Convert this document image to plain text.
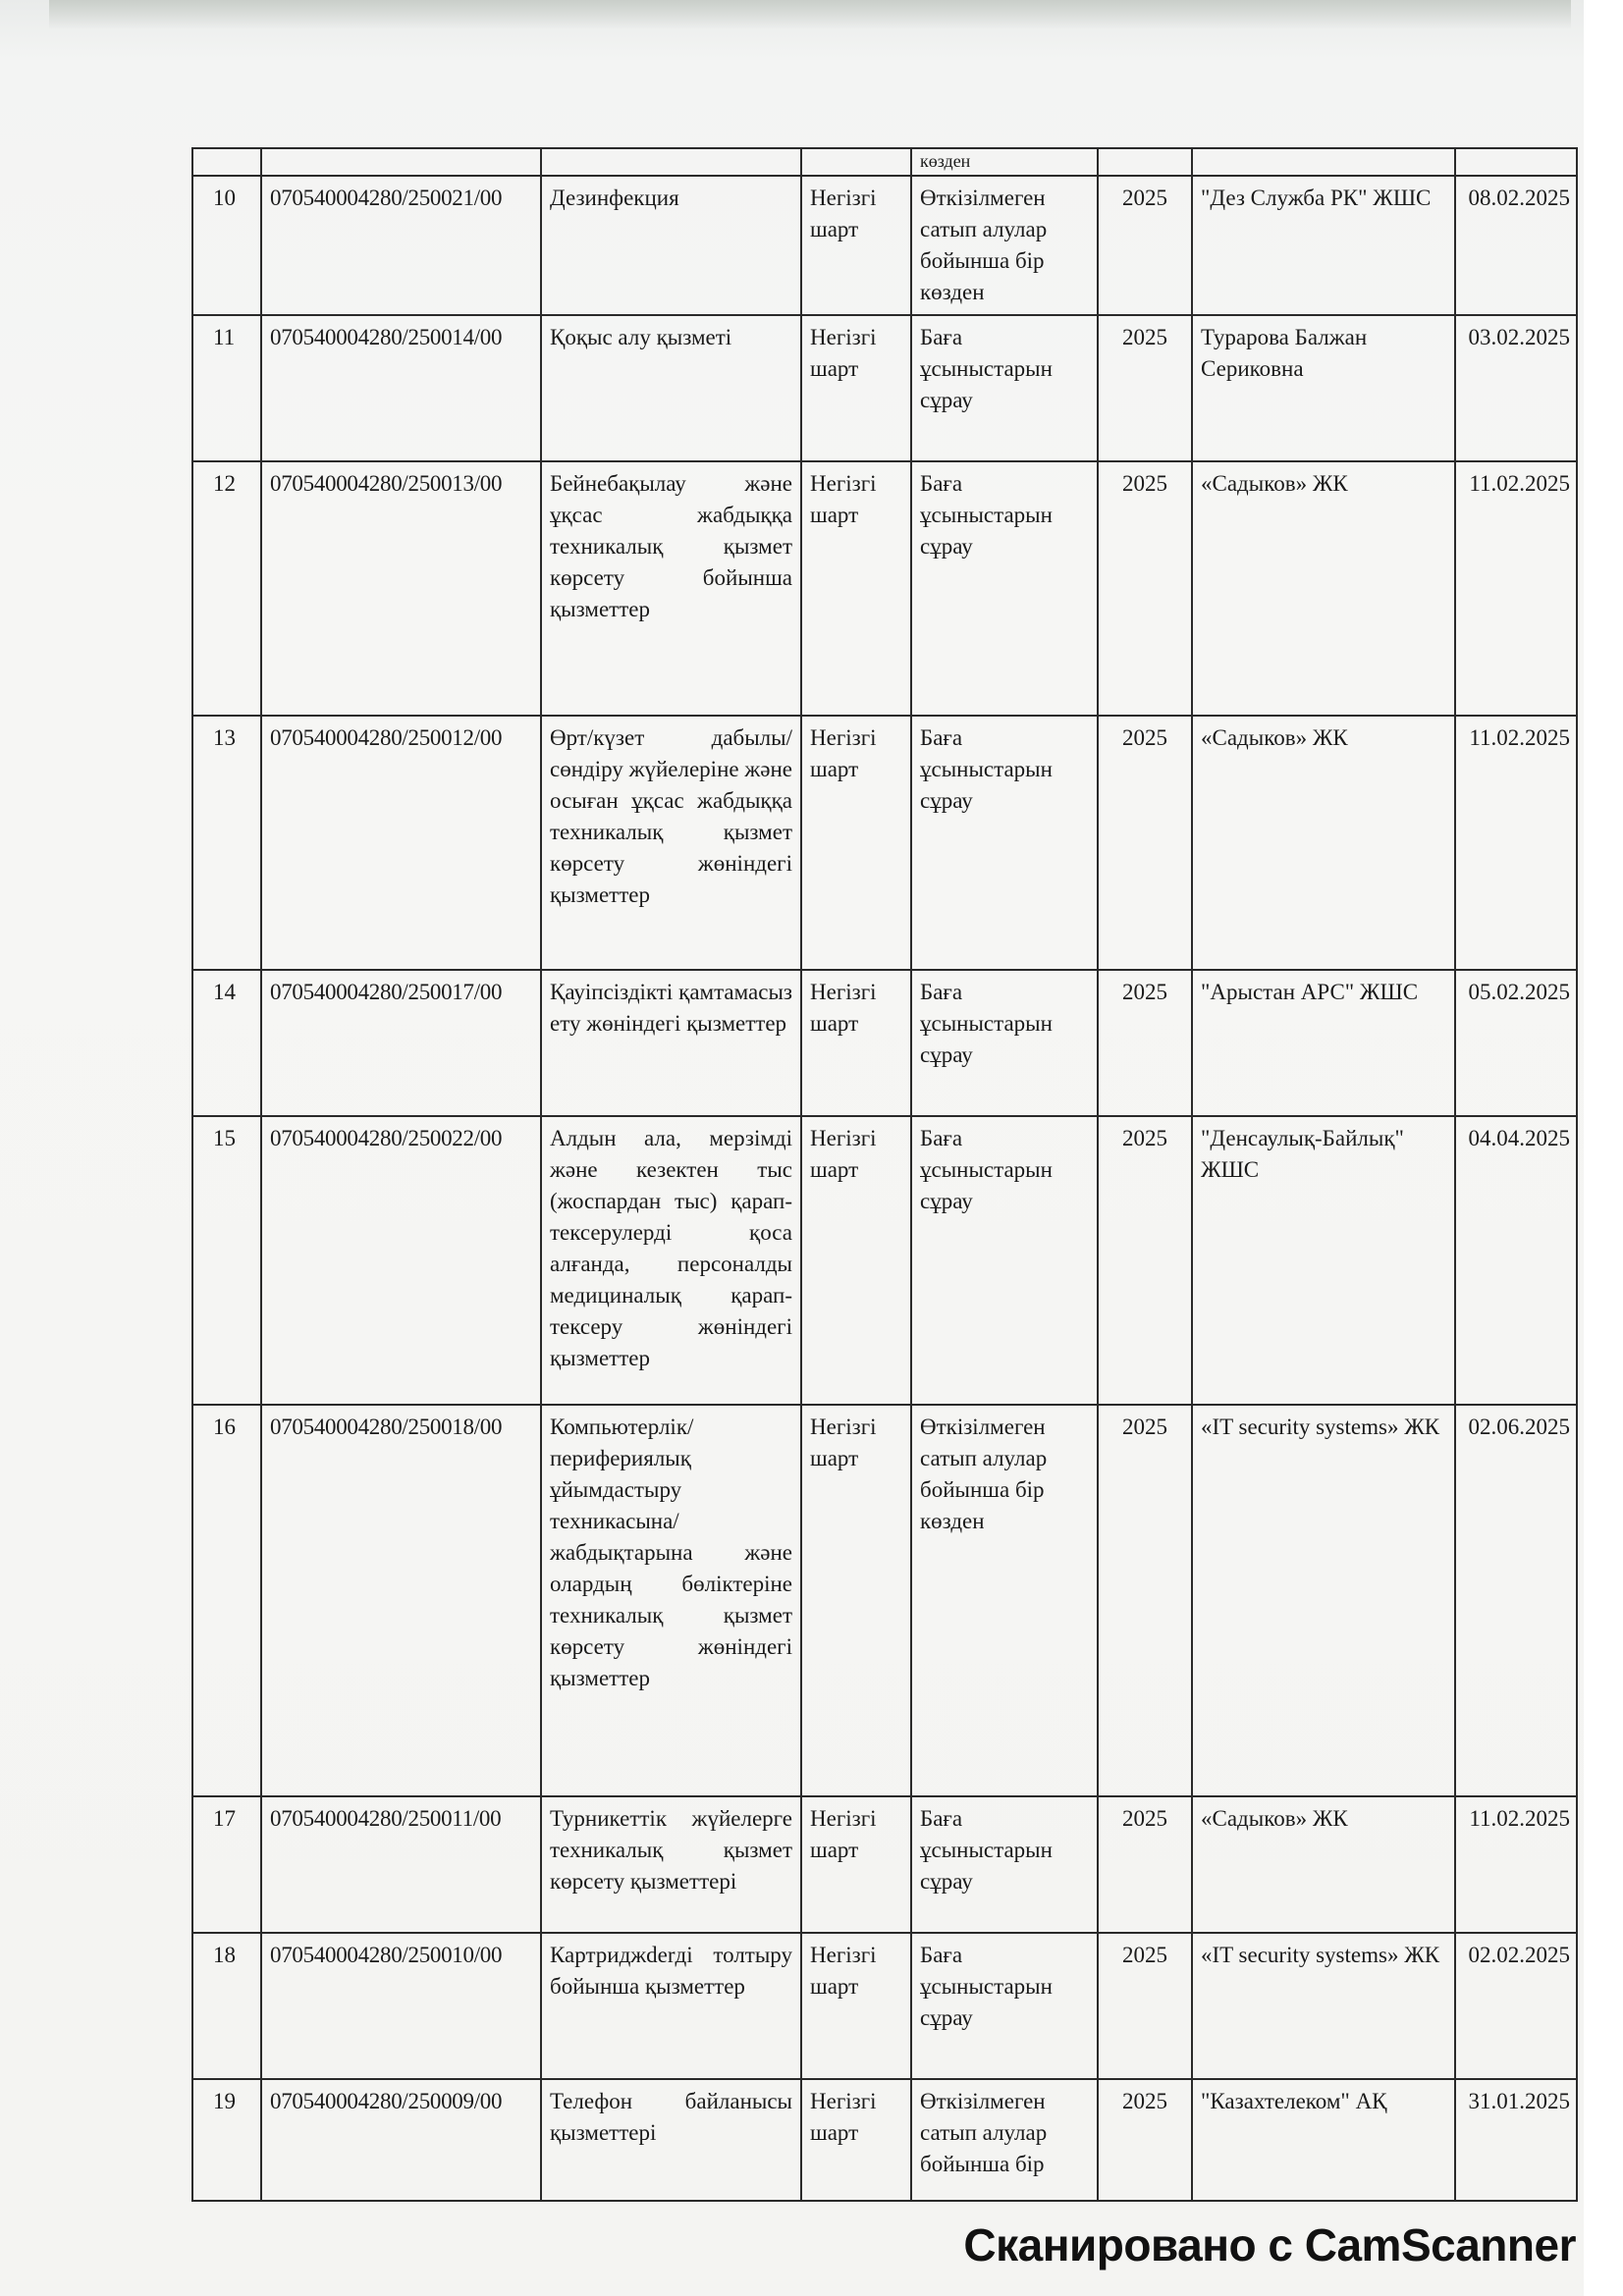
				көзден			
10	070540004280/250021/00	Дезинфекция	Негізгі шарт	Өткізілмеген сатып алулар бойынша бір көзден	2025	"Дез Служба РК" ЖШС	08.02.2025
11	070540004280/250014/00	Қоқыс алу қызметі	Негізгі шарт	Баға ұсыныстарын сұрау	2025	Турарова Балжан Сериковна	03.02.2025
12	070540004280/250013/00	Бейнебақылау және ұқсас жабдыққа техникалық қызмет көрсету бойынша қызметтер	Негізгі шарт	Баға ұсыныстарын сұрау	2025	«Садыков» ЖК	11.02.2025
13	070540004280/250012/00	Өрт/күзет дабылы/сөндіру жүйелеріне және осыған ұқсас жабдыққа техникалық қызмет көрсету жөніндегі қызметтер	Негізгі шарт	Баға ұсыныстарын сұрау	2025	«Садыков» ЖК	11.02.2025
14	070540004280/250017/00	Қауіпсіздікті қамтамасыз ету жөніндегі қызметтер	Негізгі шарт	Баға ұсыныстарын сұрау	2025	"Арыстан АРС" ЖШС	05.02.2025
15	070540004280/250022/00	Алдын ала, мерзімді және кезектен тыс (жоспардан тыс) қарап-тексерулерді қоса алғанда, персоналды медициналық қарап-тексеру жөніндегі қызметтер	Негізгі шарт	Баға ұсыныстарын сұрау	2025	"Денсаулық-Байлық" ЖШС	04.04.2025
16	070540004280/250018/00	Компьютерлік/перифериялық ұйымдастыру техникасына/жабдықтарына және олардың бөліктеріне техникалық қызмет көрсету жөніндегі қызметтер	Негізгі шарт	Өткізілмеген сатып алулар бойынша бір көзден	2025	«IT security systems» ЖК	02.06.2025
17	070540004280/250011/00	Турникеттік жүйелерге техникалық қызмет көрсету қызметтері	Негізгі шарт	Баға ұсыныстарын сұрау	2025	«Садыков» ЖК	11.02.2025
18	070540004280/250010/00	Картриджderді толтыру бойынша қызметтер	Негізгі шарт	Баға ұсыныстарын сұрау	2025	«IT security systems» ЖК	02.02.2025
19	070540004280/250009/00	Телефон байланысы қызметтері	Негізгі шарт	Өткізілмеген сатып алулар бойынша бір	2025	"Казахтелеком" АҚ	31.01.2025
Сканировано с CamScanner
